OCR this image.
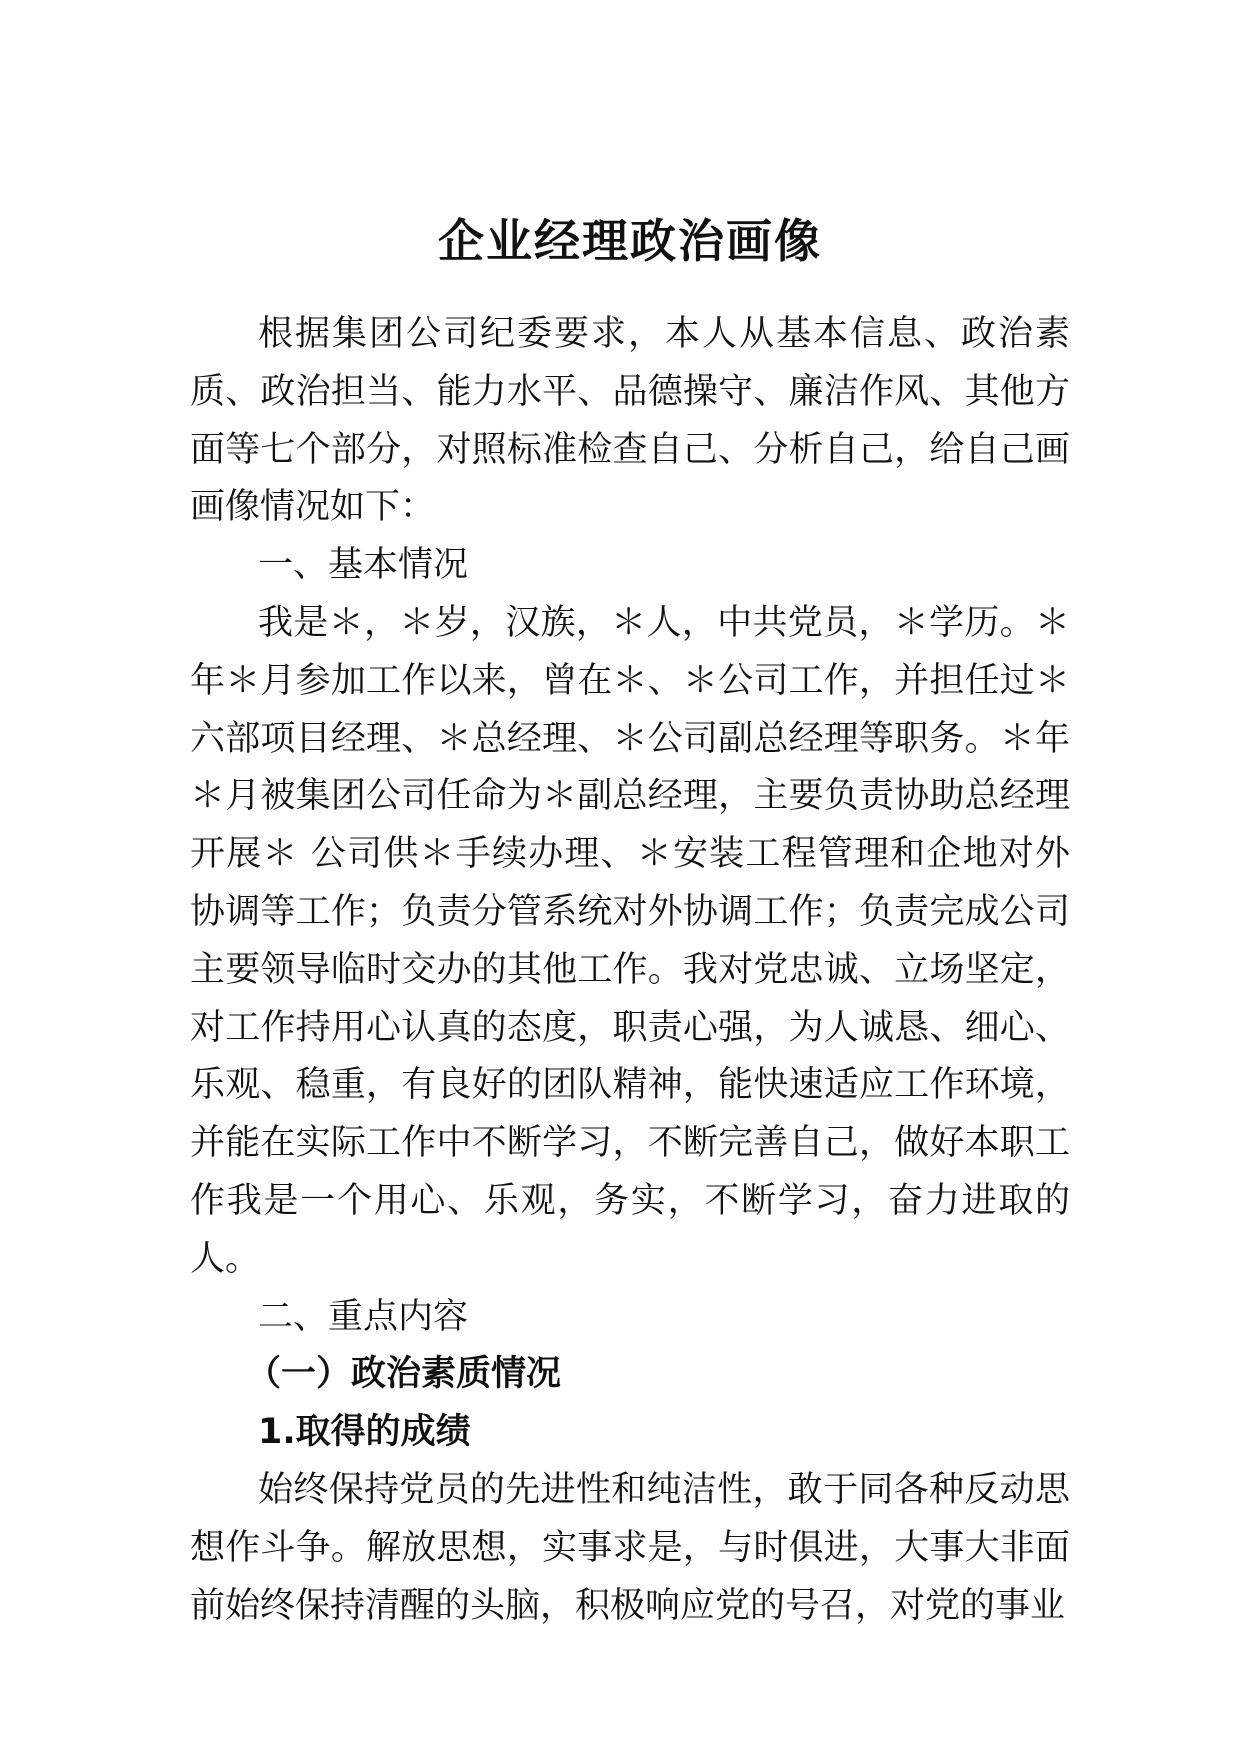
企业经理政治画像

根据集团公司纪委要求，本人从基本信息、政治素质、政治担当、能力水平、品德操守、廉洁作风、其他方面等七个部分，对照标准检查自己、分析自己，给自己画画像情况如下：

一、基本情况

我是＊，＊岁，汉族，＊人，中共党员，＊学历。＊年＊月参加工作以来，曾在＊、＊公司工作，并担任过＊六部项目经理、＊总经理、＊公司副总经理等职务。＊年＊月被集团公司任命为＊副总经理，主要负责协助总经理开展＊ 公司供＊手续办理、＊安装工程管理和企地对外协调等工作；负责分管系统对外协调工作；负责完成公司主要领导临时交办的其他工作。我对党忠诚、立场坚定，对工作持用心认真的态度，职责心强，为人诚恳、细心、乐观、稳重，有良好的团队精神，能快速适应工作环境，并能在实际工作中不断学习，不断完善自己，做好本职工作我是一个用心、乐观，务实，不断学习，奋力进取的人。

二、重点内容

（一）政治素质情况

1.取得的成绩

始终保持党员的先进性和纯洁性，敢于同各种反动思想作斗争。解放思想，实事求是，与时俱进，大事大非面前始终保持清醒的头脑，积极响应党的号召，对党的事业
